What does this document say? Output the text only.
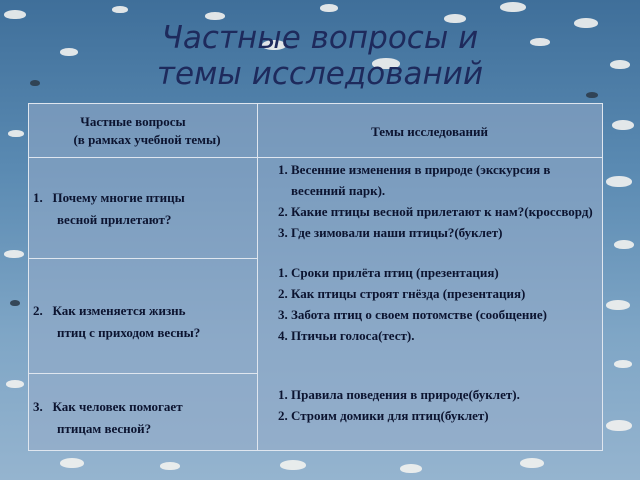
Частные вопросы и
темы исследований
Частные вопросы
(в рамках учебной темы)
Темы исследований
1. Почему многие птицы
весной прилетают?
1. Весенние изменения в природе (экскурсия в весенний парк).
2. Какие птицы весной прилетают к нам?(кроссворд)
3. Где зимовали наши птицы?(буклет)
2. Как изменяется жизнь
птиц с приходом весны?
1. Сроки прилёта птиц (презентация)
2. Как птицы строят гнёзда (презентация)
3. Забота птиц о своем потомстве (сообщение)
4. Птичьи голоса(тест).
3. Как человек помогает
птицам весной?
1. Правила поведения в природе(буклет).
2. Строим домики для птиц(буклет)
